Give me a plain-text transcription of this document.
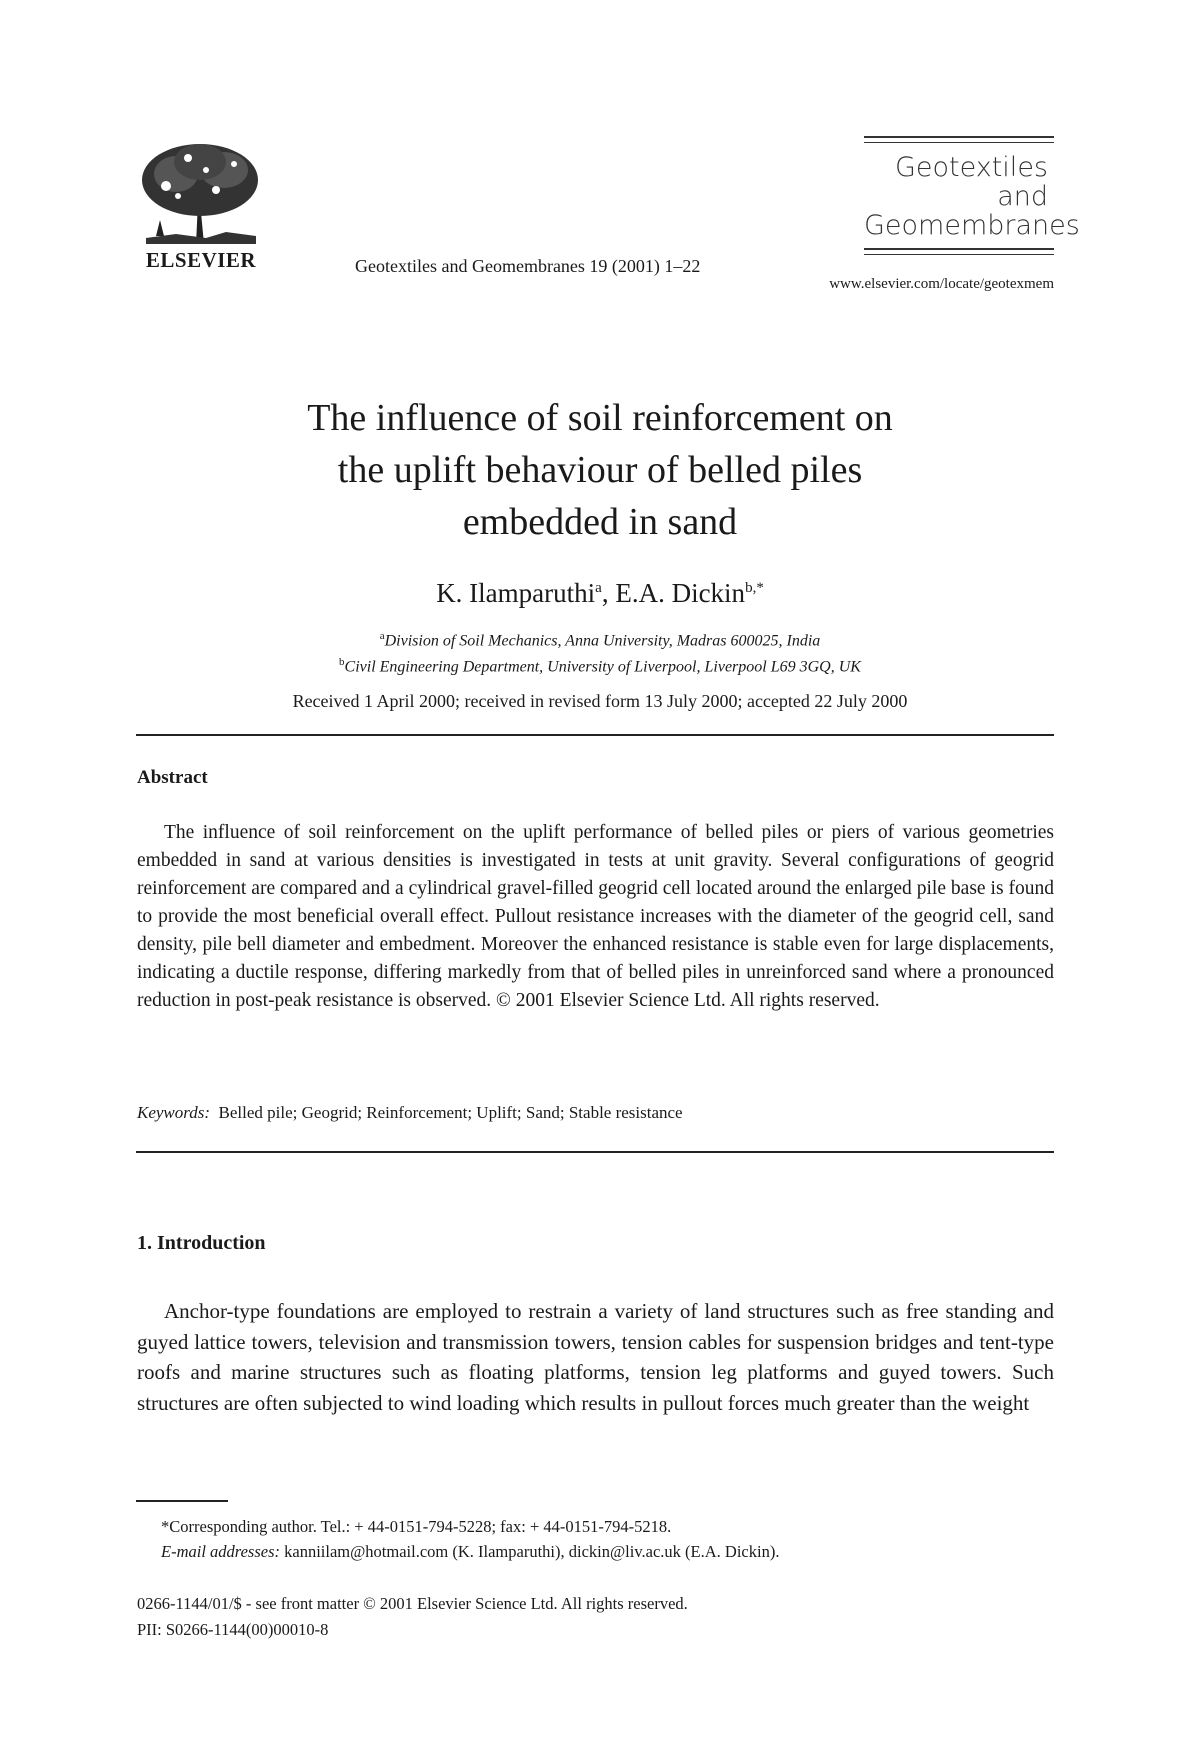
ELSEVIER	Geotextiles and Geomembranes 19 (2001) 1–22
Geotextiles
and
Geomembranes
www.elsevier.com/locate/geotexmem
The influence of soil reinforcement on
the uplift behaviour of belled piles
embedded in sand
K. Ilamparuthi$^a$, E.A. Dickin$^{b,*}$
$^a$Division of Soil Mechanics, Anna University, Madras 600025, India
$^b$Civil Engineering Department, University of Liverpool, Liverpool L69 3GQ, UK
Received 1 April 2000; received in revised form 13 July 2000; accepted 22 July 2000
Abstract
The influence of soil reinforcement on the uplift performance of belled piles or piers of various geometries embedded in sand at various densities is investigated in tests at unit gravity. Several configurations of geogrid reinforcement are compared and a cylindrical gravel-filled geogrid cell located around the enlarged pile base is found to provide the most beneficial overall effect. Pullout resistance increases with the diameter of the geogrid cell, sand density, pile bell diameter and embedment. Moreover the enhanced resistance is stable even for large displacements, indicating a ductile response, differing markedly from that of belled piles in unreinforced sand where a pronounced reduction in post-peak resistance is observed. © 2001 Elsevier Science Ltd. All rights reserved.
Keywords: Belled pile; Geogrid; Reinforcement; Uplift; Sand; Stable resistance
1. Introduction
Anchor-type foundations are employed to restrain a variety of land structures such as free standing and guyed lattice towers, television and transmission towers, tension cables for suspension bridges and tent-type roofs and marine structures such as floating platforms, tension leg platforms and guyed towers. Such structures are often subjected to wind loading which results in pullout forces much greater than the weight
*Corresponding author. Tel.: + 44-0151-794-5228; fax: + 44-0151-794-5218.
E-mail addresses: kanniilam@hotmail.com (K. Ilamparuthi), dickin@liv.ac.uk (E.A. Dickin).
0266-1144/01/$ - see front matter © 2001 Elsevier Science Ltd. All rights reserved.
PII: S0266-1144(00)00010-8
